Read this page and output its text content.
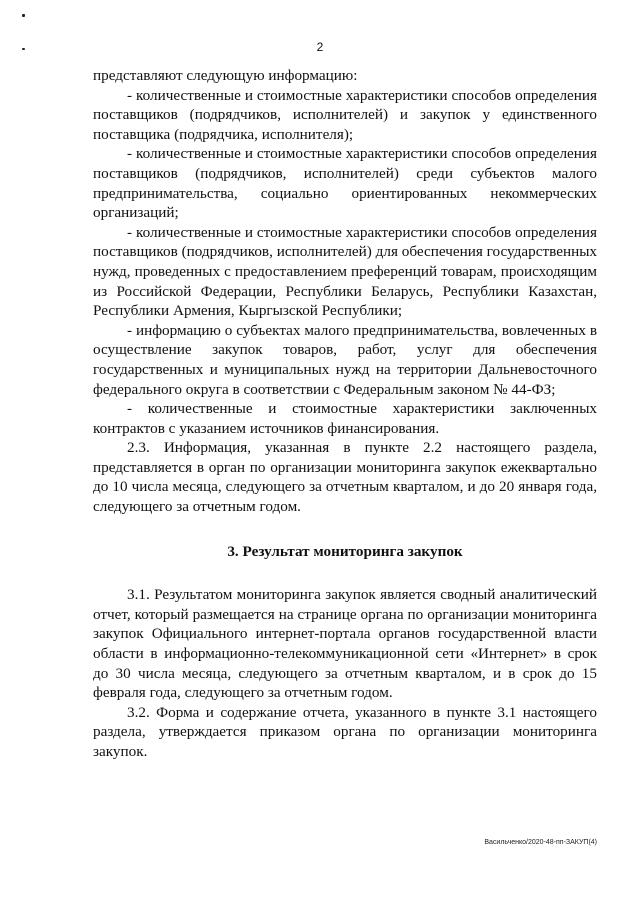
2

представляют следующую информацию:

- количественные и стоимостные характеристики способов определения поставщиков (подрядчиков, исполнителей) и закупок у единственного поставщика (подрядчика, исполнителя);

- количественные и стоимостные характеристики способов определения поставщиков (подрядчиков, исполнителей) среди субъектов малого предпринимательства, социально ориентированных некоммерческих организаций;

- количественные и стоимостные характеристики способов определения поставщиков (подрядчиков, исполнителей) для обеспечения государственных нужд, проведенных с предоставлением преференций товарам, происходящим из Российской Федерации, Республики Беларусь, Республики Казахстан, Республики Армения, Кыргызской Республики;

- информацию о субъектах малого предпринимательства, вовлеченных в осуществление закупок товаров, работ, услуг для обеспечения государственных и муниципальных нужд на территории Дальневосточного федерального округа в соответствии с Федеральным законом № 44-ФЗ;

- количественные и стоимостные характеристики заключенных контрактов с указанием источников финансирования.

2.3. Информация, указанная в пункте 2.2 настоящего раздела, представляется в орган по организации мониторинга закупок ежеквартально до 10 числа месяца, следующего за отчетным кварталом, и до 20 января года, следующего за отчетным годом.

3. Результат мониторинга закупок

3.1. Результатом мониторинга закупок является сводный аналитический отчет, который размещается на странице органа по организации мониторинга закупок Официального интернет-портала органов государственной власти области в информационно-телекоммуникационной сети «Интернет» в срок до 30 числа месяца, следующего за отчетным кварталом, и в срок до 15 февраля года, следующего за отчетным годом.

3.2. Форма и содержание отчета, указанного в пункте 3.1 настоящего раздела, утверждается приказом органа по организации мониторинга закупок.

Васильченко/2020-48-пп-ЗАКУП(4)
